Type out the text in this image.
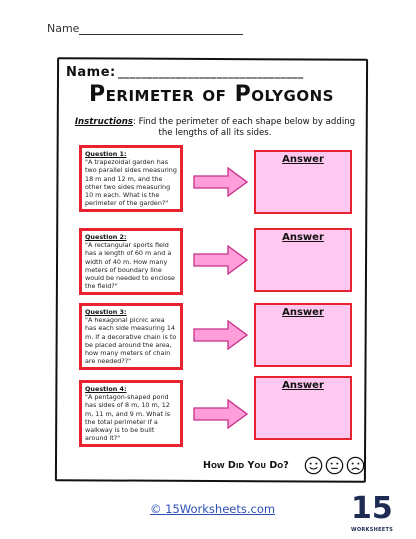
Name
Name: ________________________________
Perimeter of Polygons
Instructions: Find the perimeter of each shape below by adding the lengths of all its sides.
Question 1:
"A trapezoidal garden has two parallel sides measuring 18 m and 12 m, and the other two sides measuring 10 m each. What is the perimeter of the garden?"
Answer
Question 2:
"A rectangular sports field has a length of 60 m and a width of 40 m. How many meters of boundary line would be needed to enclose the field?"
Answer
Question 3:
"A hexagonal picnic area has each side measuring 14 m. If a decorative chain is to be placed around the area, how many meters of chain are needed??"
Answer
Question 4:
"A pentagon-shaped pond has sides of 8 m, 10 m, 12 m, 11 m, and 9 m. What is the total perimeter if a walkway is to be built around it?"
Answer
How Did You Do?
© 15Worksheets.com	15
WORKSHEETS
